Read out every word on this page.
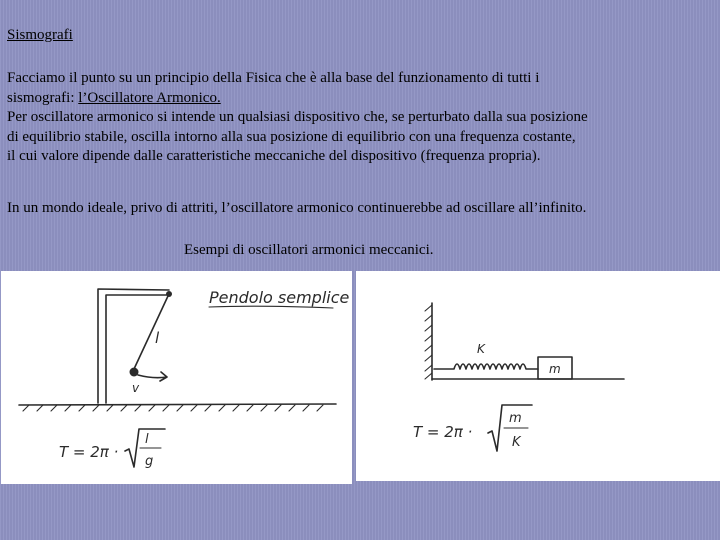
Sismografi
Facciamo il punto su un principio della Fisica che è alla base del funzionamento di tutti i
sismografi: l’Oscillatore Armonico.
Per oscillatore armonico si intende un qualsiasi dispositivo che, se perturbato dalla sua posizione
di equilibrio stabile, oscilla intorno alla sua posizione di equilibrio con una frequenza costante,
il cui valore dipende dalle caratteristiche meccaniche del dispositivo (frequenza propria).
In un mondo ideale, privo di attriti, l’oscillatore armonico continuerebbe ad oscillare all’infinito.
Esempi di oscillatori armonici meccanici.
Pendolo semplice
l
v
T = 2π ·
l
g
K
m
T = 2π ·
m
K
